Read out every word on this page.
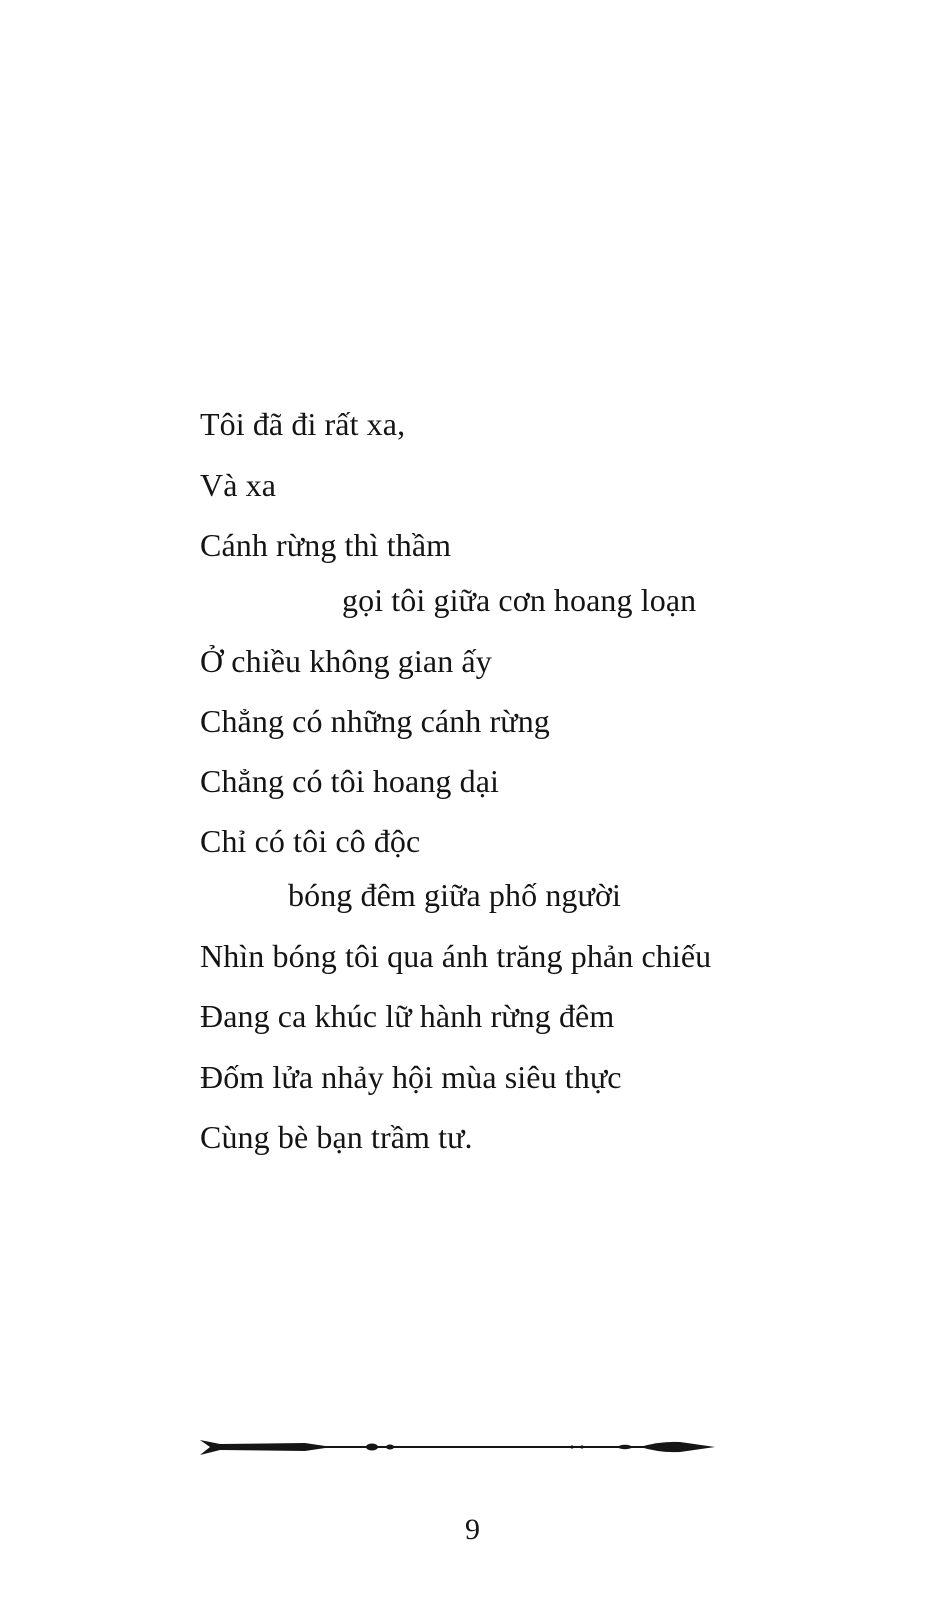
Tôi đã đi rất xa,
Và xa
Cánh rừng thì thầm
gọi tôi giữa cơn hoang loạn
Ở chiều không gian ấy
Chẳng có những cánh rừng
Chẳng có tôi hoang dại
Chỉ có tôi cô độc
bóng đêm giữa phố người
Nhìn bóng tôi qua ánh trăng phản chiếu
Đang ca khúc lữ hành rừng đêm
Đốm lửa nhảy hội mùa siêu thực
Cùng bè bạn trầm tư.
9
